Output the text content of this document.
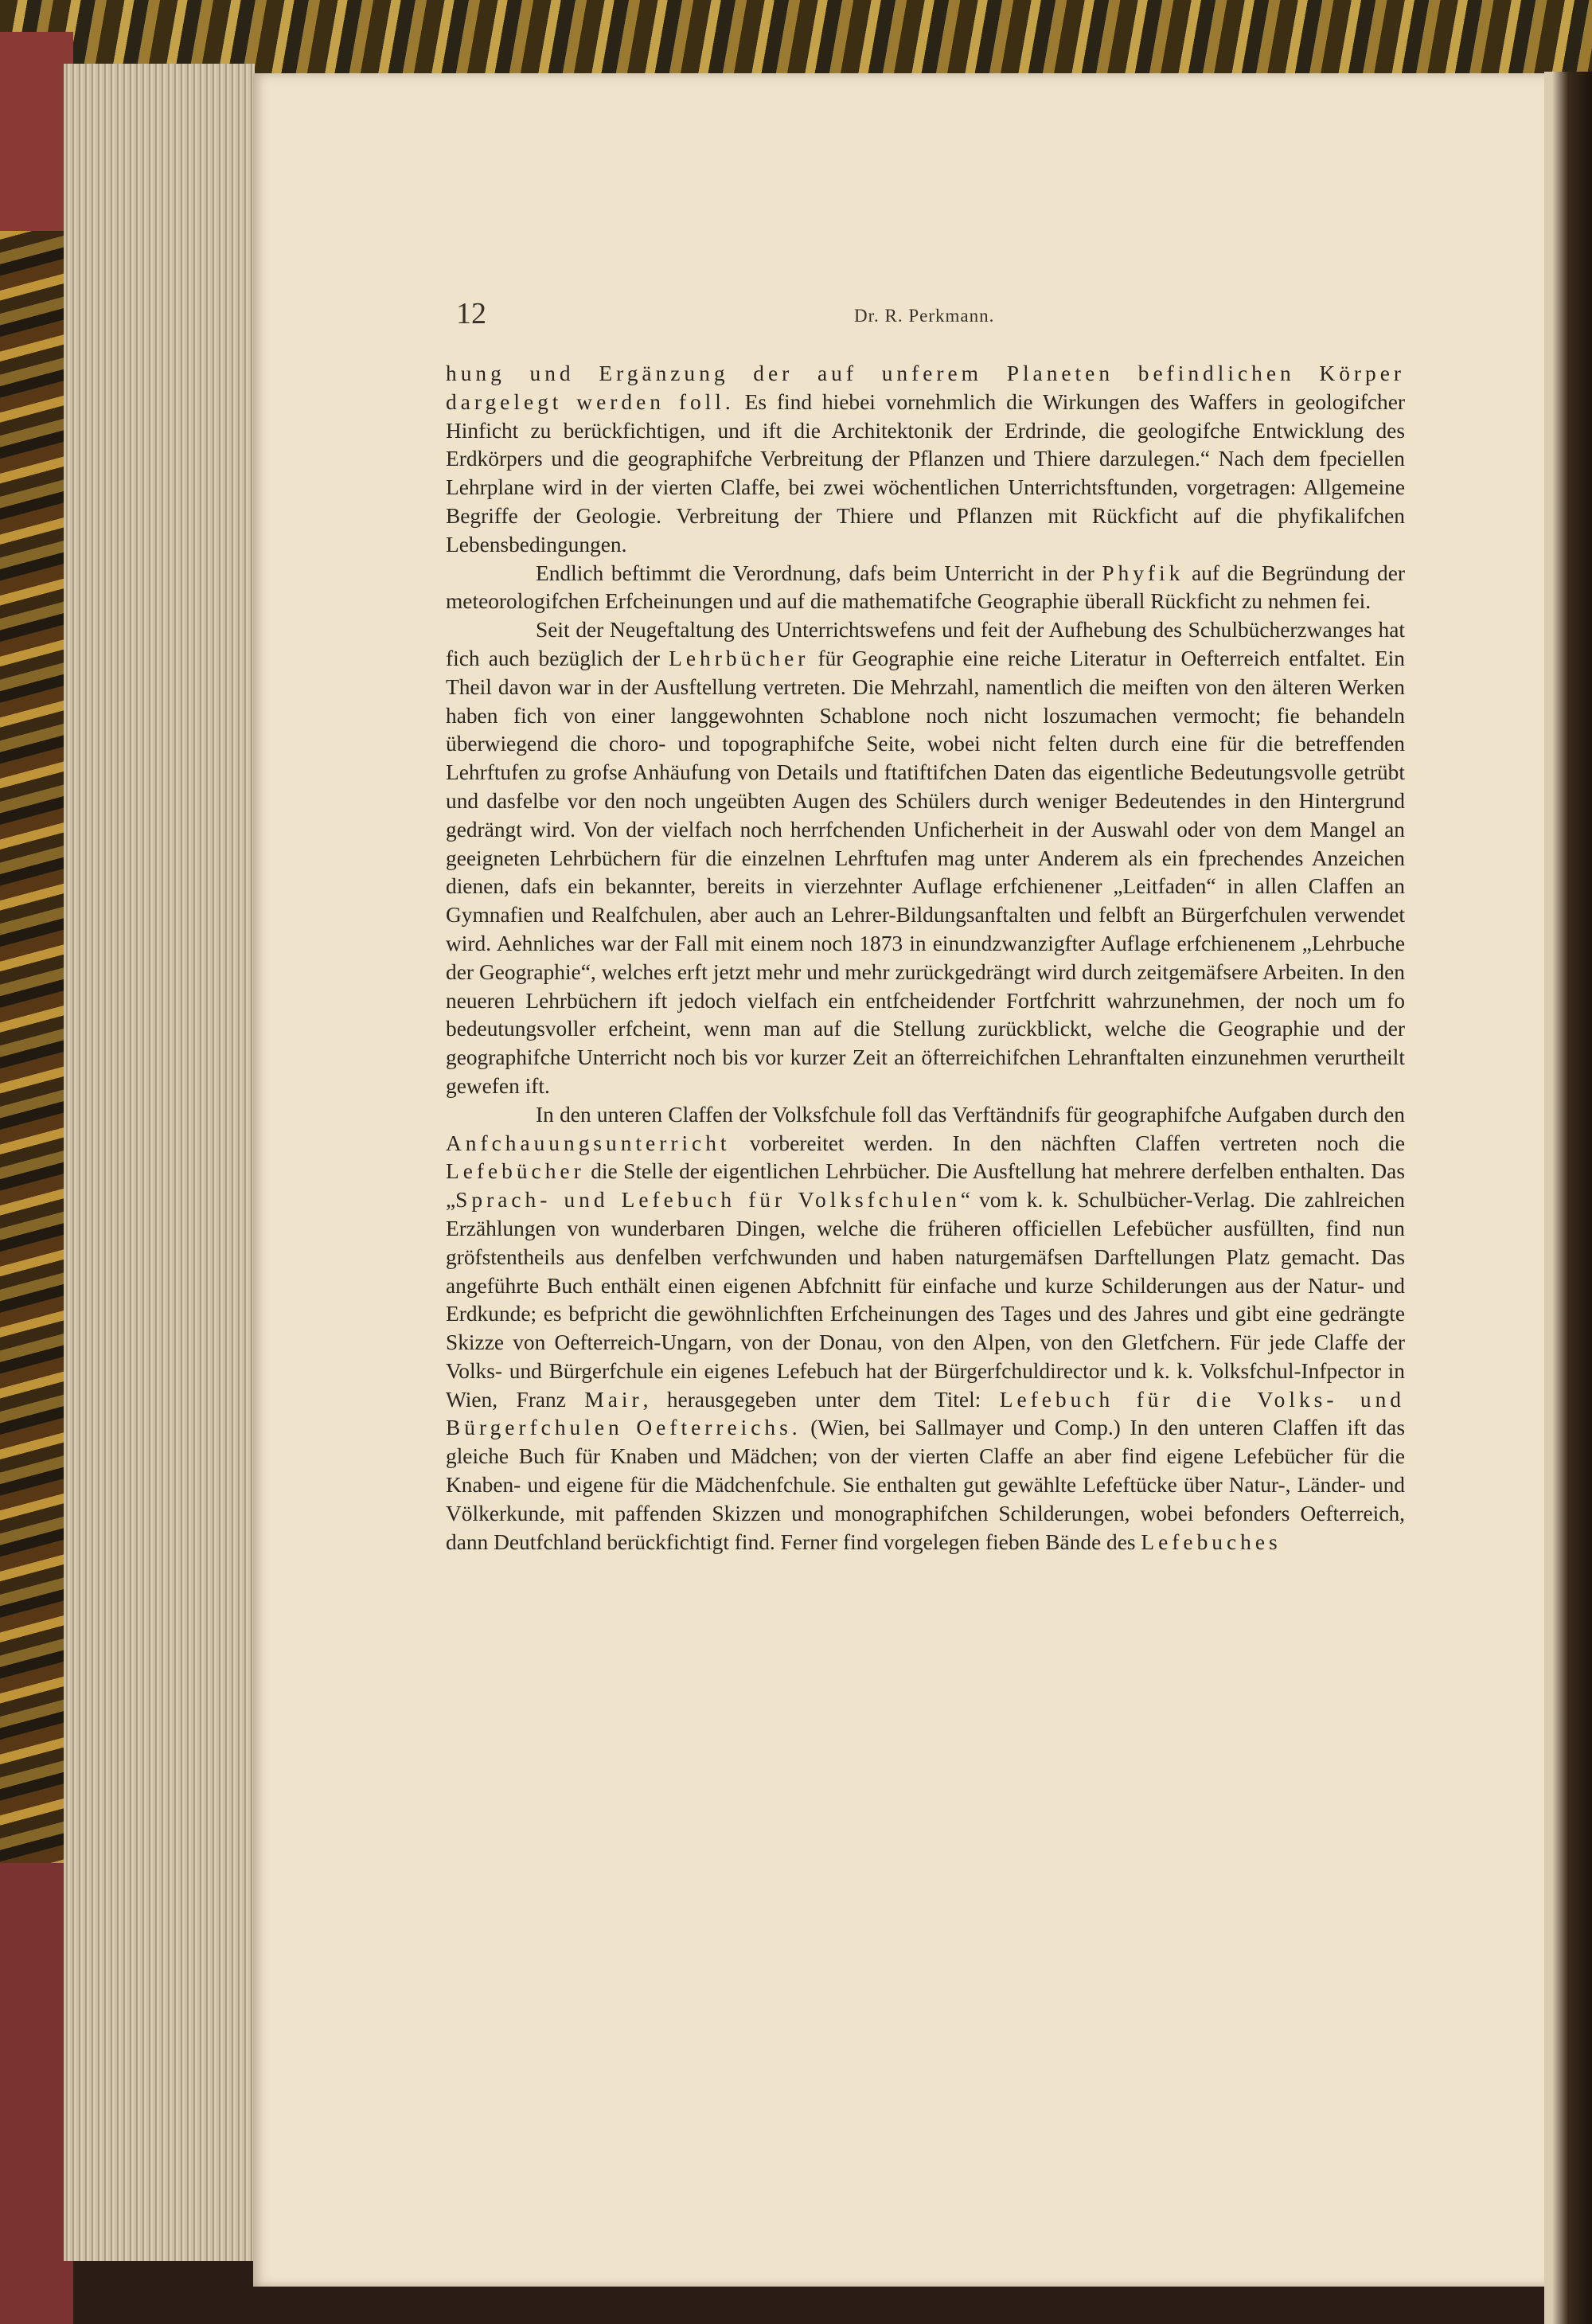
12	Dr. R. Perkmann.

hung und Ergänzung der auf unferem Planeten befindlichen Körper dargelegt werden foll. Es find hiebei vornehmlich die Wirkungen des Waffers in geologifcher Hinficht zu berückfichtigen, und ift die Architektonik der Erdrinde, die geologifche Entwicklung des Erdkörpers und die geographifche Verbreitung der Pflanzen und Thiere darzulegen.“ Nach dem fpeciellen Lehrplane wird in der vierten Claffe, bei zwei wöchentlichen Unterrichtsftunden, vorgetragen: Allgemeine Begriffe der Geologie. Verbreitung der Thiere und Pflanzen mit Rückficht auf die phyfikalifchen Lebensbedingungen.

Endlich beftimmt die Verordnung, dafs beim Unterricht in der Phyfik auf die Begründung der meteorologifchen Erfcheinungen und auf die mathematifche Geographie überall Rückficht zu nehmen fei.

Seit der Neugeftaltung des Unterrichtswefens und feit der Aufhebung des Schulbücherzwanges hat fich auch bezüglich der Lehrbücher für Geographie eine reiche Literatur in Oefterreich entfaltet. Ein Theil davon war in der Ausftellung vertreten. Die Mehrzahl, namentlich die meiften von den älteren Werken haben fich von einer langgewohnten Schablone noch nicht loszumachen vermocht; fie behandeln überwiegend die choro- und topographifche Seite, wobei nicht felten durch eine für die betreffenden Lehrftufen zu grofse Anhäufung von Details und ftatiftifchen Daten das eigentliche Bedeutungsvolle getrübt und dasfelbe vor den noch ungeübten Augen des Schülers durch weniger Bedeutendes in den Hintergrund gedrängt wird. Von der vielfach noch herrfchenden Unficherheit in der Auswahl oder von dem Mangel an geeigneten Lehrbüchern für die einzelnen Lehrftufen mag unter Anderem als ein fprechendes Anzeichen dienen, dafs ein bekannter, bereits in vierzehnter Auflage erfchienener „Leitfaden“ in allen Claffen an Gymnafien und Realfchulen, aber auch an Lehrer-Bildungsanftalten und felbft an Bürgerfchulen verwendet wird. Aehnliches war der Fall mit einem noch 1873 in einundzwanzigfter Auflage erfchienenem „Lehrbuche der Geographie“, welches erft jetzt mehr und mehr zurückgedrängt wird durch zeitgemäfsere Arbeiten. In den neueren Lehrbüchern ift jedoch vielfach ein entfcheidender Fortfchritt wahrzunehmen, der noch um fo bedeutungsvoller erfcheint, wenn man auf die Stellung zurückblickt, welche die Geographie und der geographifche Unterricht noch bis vor kurzer Zeit an öfterreichifchen Lehranftalten einzunehmen verurtheilt gewefen ift.

In den unteren Claffen der Volksfchule foll das Verftändnifs für geographifche Aufgaben durch den Anfchauungsunterricht vorbereitet werden. In den nächften Claffen vertreten noch die Lefebücher die Stelle der eigentlichen Lehrbücher. Die Ausftellung hat mehrere derfelben enthalten. Das „Sprach- und Lefebuch für Volksfchulen“ vom k. k. Schulbücher-Verlag. Die zahlreichen Erzählungen von wunderbaren Dingen, welche die früheren officiellen Lefebücher ausfüllten, find nun gröfstentheils aus denfelben verfchwunden und haben naturgemäfsen Darftellungen Platz gemacht. Das angeführte Buch enthält einen eigenen Abfchnitt für einfache und kurze Schilderungen aus der Natur- und Erdkunde; es befpricht die gewöhnlichften Erfcheinungen des Tages und des Jahres und gibt eine gedrängte Skizze von Oefterreich-Ungarn, von der Donau, von den Alpen, von den Gletfchern. Für jede Claffe der Volks- und Bürgerfchule ein eigenes Lefebuch hat der Bürgerfchuldirector und k. k. Volksfchul-Infpector in Wien, Franz Mair, herausgegeben unter dem Titel: Lefebuch für die Volks- und Bürgerfchulen Oefterreichs. (Wien, bei Sallmayer und Comp.) In den unteren Claffen ift das gleiche Buch für Knaben und Mädchen; von der vierten Claffe an aber find eigene Lefebücher für die Knaben- und eigene für die Mädchenfchule. Sie enthalten gut gewählte Lefeftücke über Natur-, Länder- und Völkerkunde, mit paffenden Skizzen und monographifchen Schilderungen, wobei befonders Oefterreich, dann Deutfchland berückfichtigt find. Ferner find vorgelegen fieben Bände des Lefebuches
